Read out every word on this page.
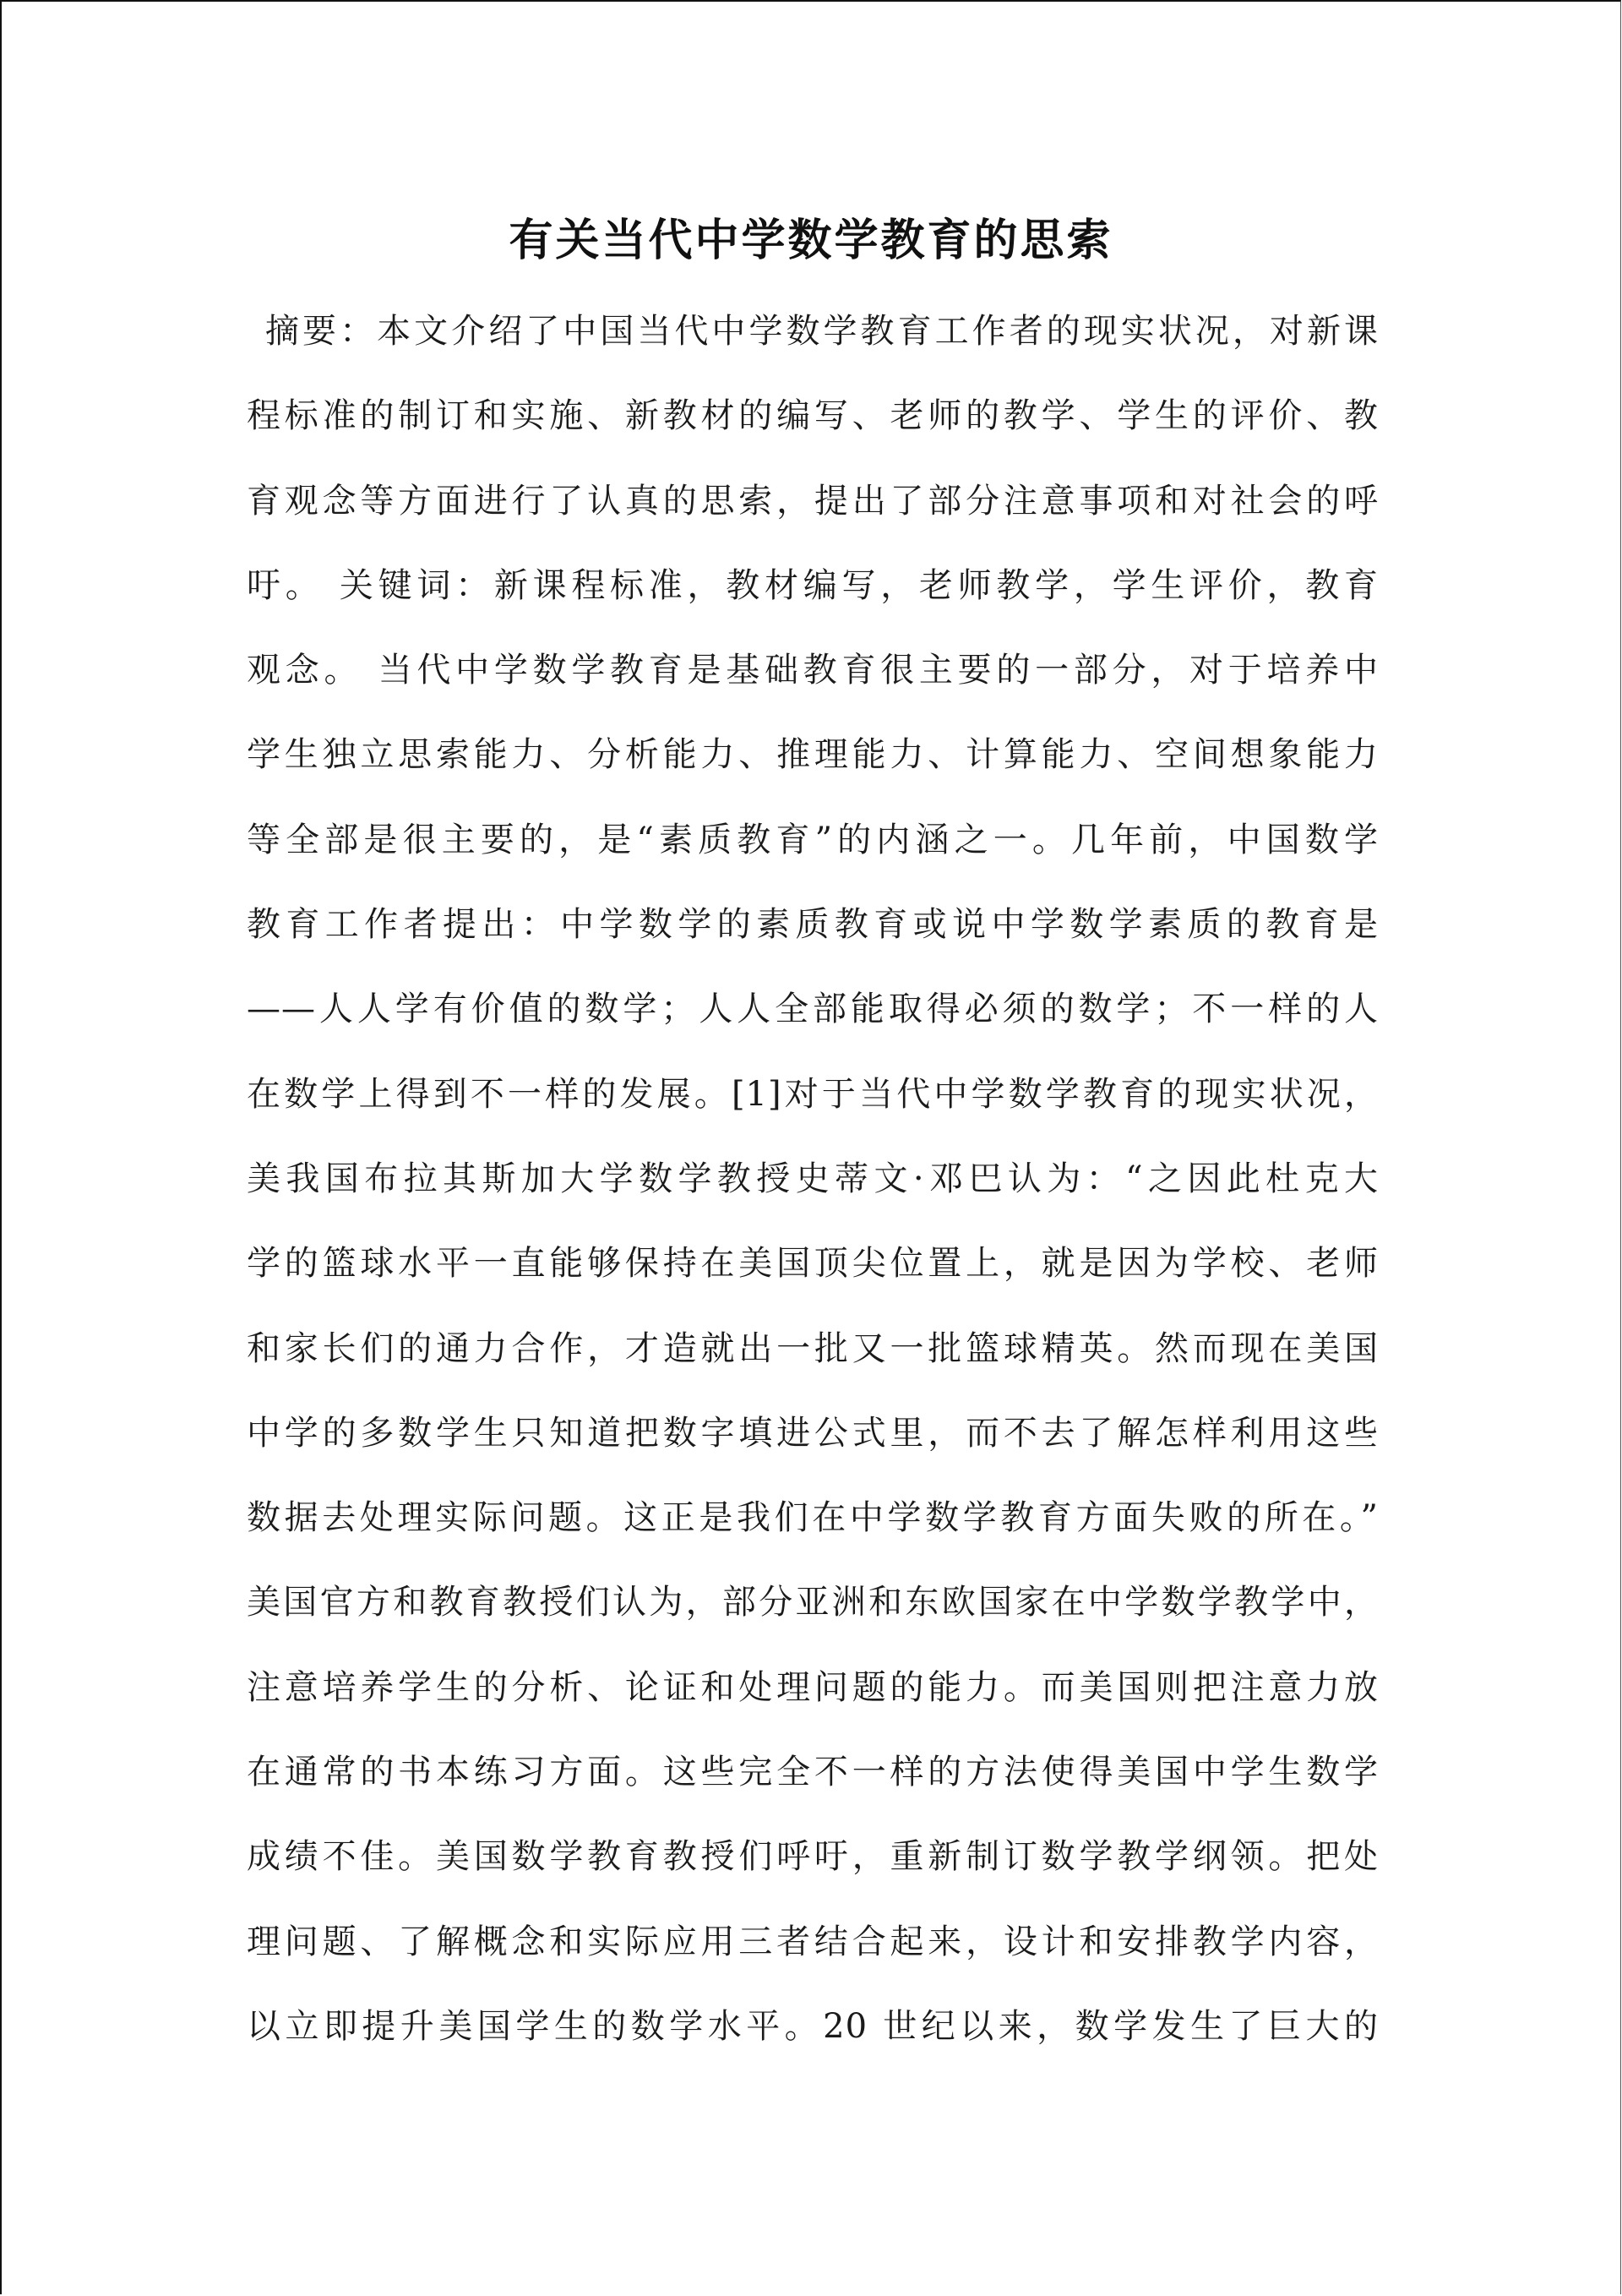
有关当代中学数学教育的思索
摘要：本文介绍了中国当代中学数学教育工作者的现实状况，对新课
程标准的制订和实施、新教材的编写、老师的教学、学生的评价、教
育观念等方面进行了认真的思索，提出了部分注意事项和对社会的呼
吁。 关键词：新课程标准，教材编写，老师教学，学生评价，教育
观念。 当代中学数学教育是基础教育很主要的一部分，对于培养中
学生独立思索能力、分析能力、推理能力、计算能力、空间想象能力
等全部是很主要的，是“素质教育”的内涵之一。几年前，中国数学
教育工作者提出：中学数学的素质教育或说中学数学素质的教育是
——人人学有价值的数学；人人全部能取得必须的数学；不一样的人
在数学上得到不一样的发展。[1]对于当代中学数学教育的现实状况，
美我国布拉其斯加大学数学教授史蒂文·邓巴认为：“之因此杜克大
学的篮球水平一直能够保持在美国顶尖位置上，就是因为学校、老师
和家长们的通力合作，才造就出一批又一批篮球精英。然而现在美国
中学的多数学生只知道把数字填进公式里，而不去了解怎样利用这些
数据去处理实际问题。这正是我们在中学数学教育方面失败的所在。”
美国官方和教育教授们认为，部分亚洲和东欧国家在中学数学教学中，
注意培养学生的分析、论证和处理问题的能力。而美国则把注意力放
在通常的书本练习方面。这些完全不一样的方法使得美国中学生数学
成绩不佳。美国数学教育教授们呼吁，重新制订数学教学纲领。把处
理问题、了解概念和实际应用三者结合起来，设计和安排教学内容，
以立即提升美国学生的数学水平。20 世纪以来，数学发生了巨大的
